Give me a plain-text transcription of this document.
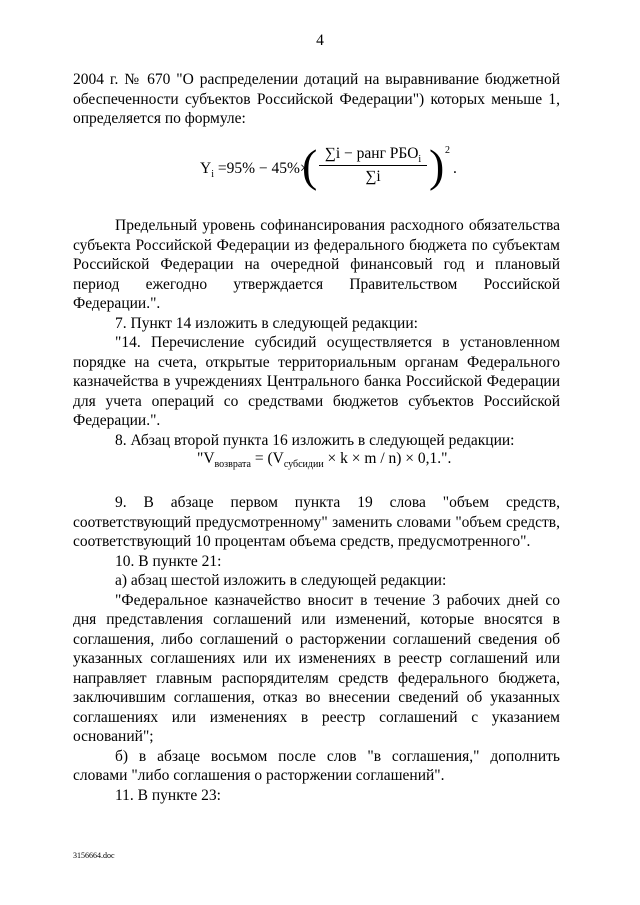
4

2004 г. № 670 "О распределении дотаций на выравнивание бюджетной обеспеченности субъектов Российской Федерации") которых меньше 1, определяется по формуле:

$Y_i =95\% - 45\%\times$
( ∑i − ранг $РБО_i$
∑i	) 2
.

Предельный уровень софинансирования расходного обязательства субъекта Российской Федерации из федерального бюджета по субъектам Российской Федерации на очередной финансовый год и плановый период ежегодно утверждается Правительством Российской Федерации.".

7. Пункт 14 изложить в следующей редакции:

"14. Перечисление субсидий осуществляется в установленном порядке на счета, открытые территориальным органам Федерального казначейства в учреждениях Центрального банка Российской Федерации для учета операций со средствами бюджетов субъектов Российской Федерации.".

8. Абзац второй пункта 16 изложить в следующей редакции:

"$V_{возврата} = (V_{субсидии} \times k \times m / n) \times 0,1$.".

9. В абзаце первом пункта 19 слова "объем средств, соответствующий предусмотренному" заменить словами "объем средств, соответствующий 10 процентам объема средств, предусмотренного".

10. В пункте 21:

а) абзац шестой изложить в следующей редакции:

"Федеральное казначейство вносит в течение 3 рабочих дней со дня представления соглашений или изменений, которые вносятся в соглашения, либо соглашений о расторжении соглашений сведения об указанных соглашениях или их изменениях в реестр соглашений или направляет главным распорядителям средств федерального бюджета, заключившим соглашения, отказ во внесении сведений об указанных соглашениях или изменениях в реестр соглашений с указанием оснований";

б) в абзаце восьмом после слов "в соглашения," дополнить словами "либо соглашения о расторжении соглашений".

11. В пункте 23:

3156664.doc
